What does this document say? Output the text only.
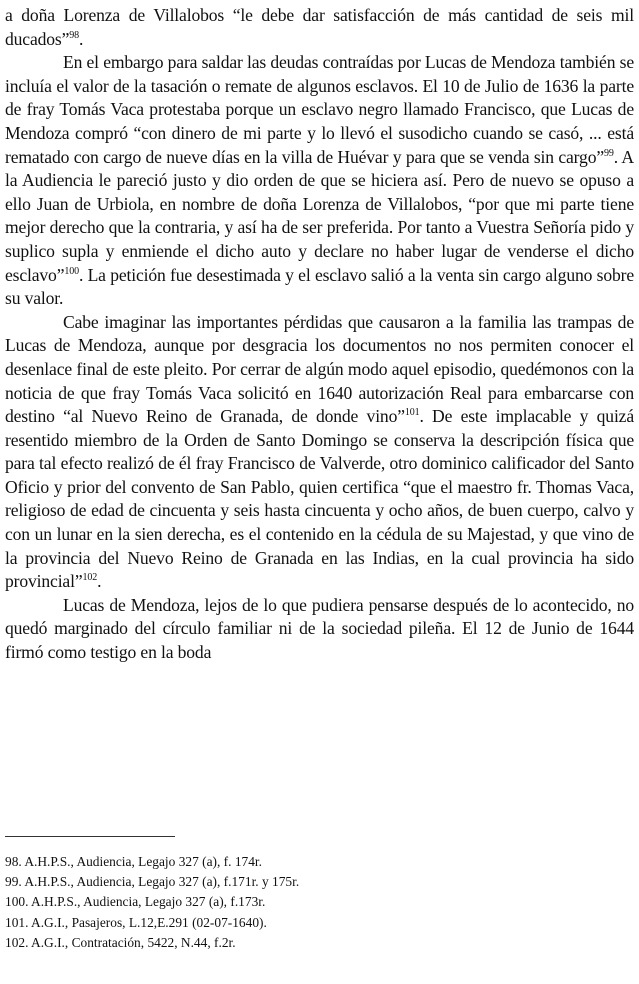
a doña Lorenza de Villalobos “le debe dar satisfacción de más cantidad de seis mil ducados”$^{98}$.

En el embargo para saldar las deudas contraídas por Lucas de Mendoza también se incluía el valor de la tasación o remate de algunos esclavos. El 10 de Julio de 1636 la parte de fray Tomás Vaca protestaba porque un esclavo negro llamado Francisco, que Lucas de Mendoza compró “con dinero de mi parte y lo llevó el susodicho cuando se casó, ... está rematado con cargo de nueve días en la villa de Huévar y para que se venda sin cargo”$^{99}$. A la Audiencia le pareció justo y dio orden de que se hiciera así. Pero de nuevo se opuso a ello Juan de Urbiola, en nombre de doña Lorenza de Villalobos, “por que mi parte tiene mejor derecho que la contraria, y así ha de ser preferida. Por tanto a Vuestra Señoría pido y suplico supla y enmiende el dicho auto y declare no haber lugar de venderse el dicho esclavo”$^{100}$. La petición fue desestimada y el esclavo salió a la venta sin cargo alguno sobre su valor.

Cabe imaginar las importantes pérdidas que causaron a la familia las trampas de Lucas de Mendoza, aunque por desgracia los documentos no nos permiten conocer el desenlace final de este pleito. Por cerrar de algún modo aquel episodio, quedémonos con la noticia de que fray Tomás Vaca solicitó en 1640 autorización Real para embarcarse con destino “al Nuevo Reino de Granada, de donde vino”$^{101}$. De este implacable y quizá resentido miembro de la Orden de Santo Domingo se conserva la descripción física que para tal efecto realizó de él fray Francisco de Valverde, otro dominico calificador del Santo Oficio y prior del convento de San Pablo, quien certifica “que el maestro fr. Thomas Vaca, religioso de edad de cincuenta y seis hasta cincuenta y ocho años, de buen cuerpo, calvo y con un lunar en la sien derecha, es el contenido en la cédula de su Majestad, y que vino de la provincia del Nuevo Reino de Granada en las Indias, en la cual provincia ha sido provincial”$^{102}$.

Lucas de Mendoza, lejos de lo que pudiera pensarse después de lo acontecido, no quedó marginado del círculo familiar ni de la sociedad pileña. El 12 de Junio de 1644 firmó como testigo en la boda

98. A.H.P.S., Audiencia, Legajo 327 (a), f. 174r.

99. A.H.P.S., Audiencia, Legajo 327 (a), f.171r. y 175r.

100. A.H.P.S., Audiencia, Legajo 327 (a), f.173r.

101. A.G.I., Pasajeros, L.12,E.291 (02-07-1640).

102. A.G.I., Contratación, 5422, N.44, f.2r.
